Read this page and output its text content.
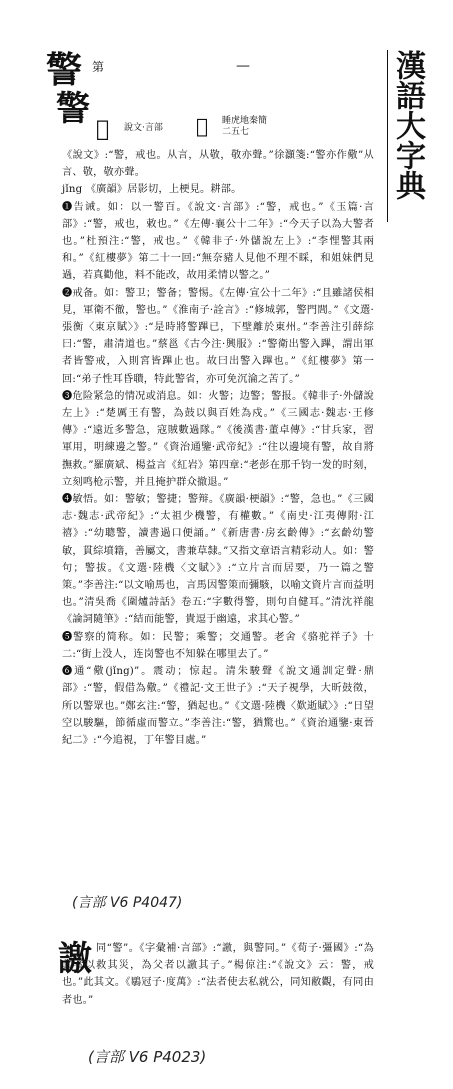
警 第	—
警 𧫷 說文·言部 𧫷 睡虎地秦簡二五七	漢語大字典

《說文》:“警，戒也。从言，从敬，敬亦聲。”徐灝箋:“警亦作儆”从言、敬，敬亦聲。

jǐng 《廣韻》居影切，上梗見。耕部。

❶告诫。如：以一警百。《說文·言部》:“警，戒也。”《玉篇·言部》:“警，戒也，敕也。”《左傳·襄公十二年》:“今天子以為大警者也。”杜預注:“警，戒也。”《韓非子·外儲說左上》:“李悝警其兩和。”《紅樓夢》第二十一回:“無奈豬人見他不理不睬，和姐妹們見過，若真勸他，料不能改，故用柔情以警之。”

❷戒备。如：警卫；警备；警惕。《左傳·宣公十二年》:“且雖諸侯相見，軍衛不徹，警也。”《淮南子·詮言》:“修城郭，警門閭。”《文選·張衡〈東京賦〉》:“是時將警蹕已，下壁離於東州。”李善注引薛綜曰:“警，肅清道也。”蔡邕《古今注·興服》:“警衛出警入蹕，謂出軍者皆警戒，入則宮皆蹕止也。故曰出警入蹕也。”《紅樓夢》第一回:“弟子性耳昏聵，特此警省，亦可免沉淪之苦了。”

❸危险紧急的情况或消息。如：火警；边警；警报。《韓非子·外儲說左上》:“楚厲王有警，為鼓以與百姓為戍。”《三國志·魏志·王修傳》:“遠近多警急，寇賊數過隊。”《後漢書·董卓傳》:“甘兵家，習軍用，明練邊之警。”《資治通鑒·武帝紀》:“往以邊境有警，故自將撫救。”羅廣斌、楊益言《紅岩》第四章:“老彭在那千钧一发的时刻，立刻鸣枪示警，并且掩护群众撤退。”

❹敏悟。如：警敏；警捷；警辩。《廣韻·梗韻》:“警，急也。”《三國志·魏志·武帝紀》:“太祖少機警，有權數。”《南史·江夷傳附·江禧》:“幼聰警，讀書過口便誦。”《新唐書·房玄齡傳》:“玄齡幼警敏，貫綜墳籍，善屬文，書兼草隸。”又指文章语言精彩动人。如：警句；警拔。《文選·陸機〈文賦〉》:“立片言而居要，乃一篇之警策。”李善注:“以文喻馬也，言馬因警策而彌駭，以喻文資片言而益明也。”清吳喬《圍爐詩話》卷五:“字數得警，則句自健耳。”清沈祥龍《論詞隨筆》:“結而能警，貴逗于幽遠，求其心警。”

❺警察的简称。如：民警；乘警；交通警。老舍《骆驼祥子》十二:“街上没人，连岗警也不知躲在哪里去了。”

❻通“儆(jǐng)”。震动；惊起。清朱駿聲《說文通訓定聲·鼎部》:“警，假借為儆。”《禮記·文王世子》:“天子視學，大昕鼓徵，所以警眾也。”鄭玄注:“警，猶起也。”《文選·陸機〈歎逝賦〉》:“日望空以駿驅，節循虛而警立。”李善注:“警，猶驚也。”《資治通鑒·東晉紀二》:“今追視，丁年警目處。”

(言部 V6 P4047)
譤 同“警”。《字彙補·言部》:“譤，與警同。”《荀子·彊國》:“為其者以救其災，為父者以譤其子。”楊倞注:“《說文》云：警，戒也。”此其文。《鶡冠子·度萬》:“法者使去私就公，同知敝觀，有同由者也。”
(言部 V6 P4023)
